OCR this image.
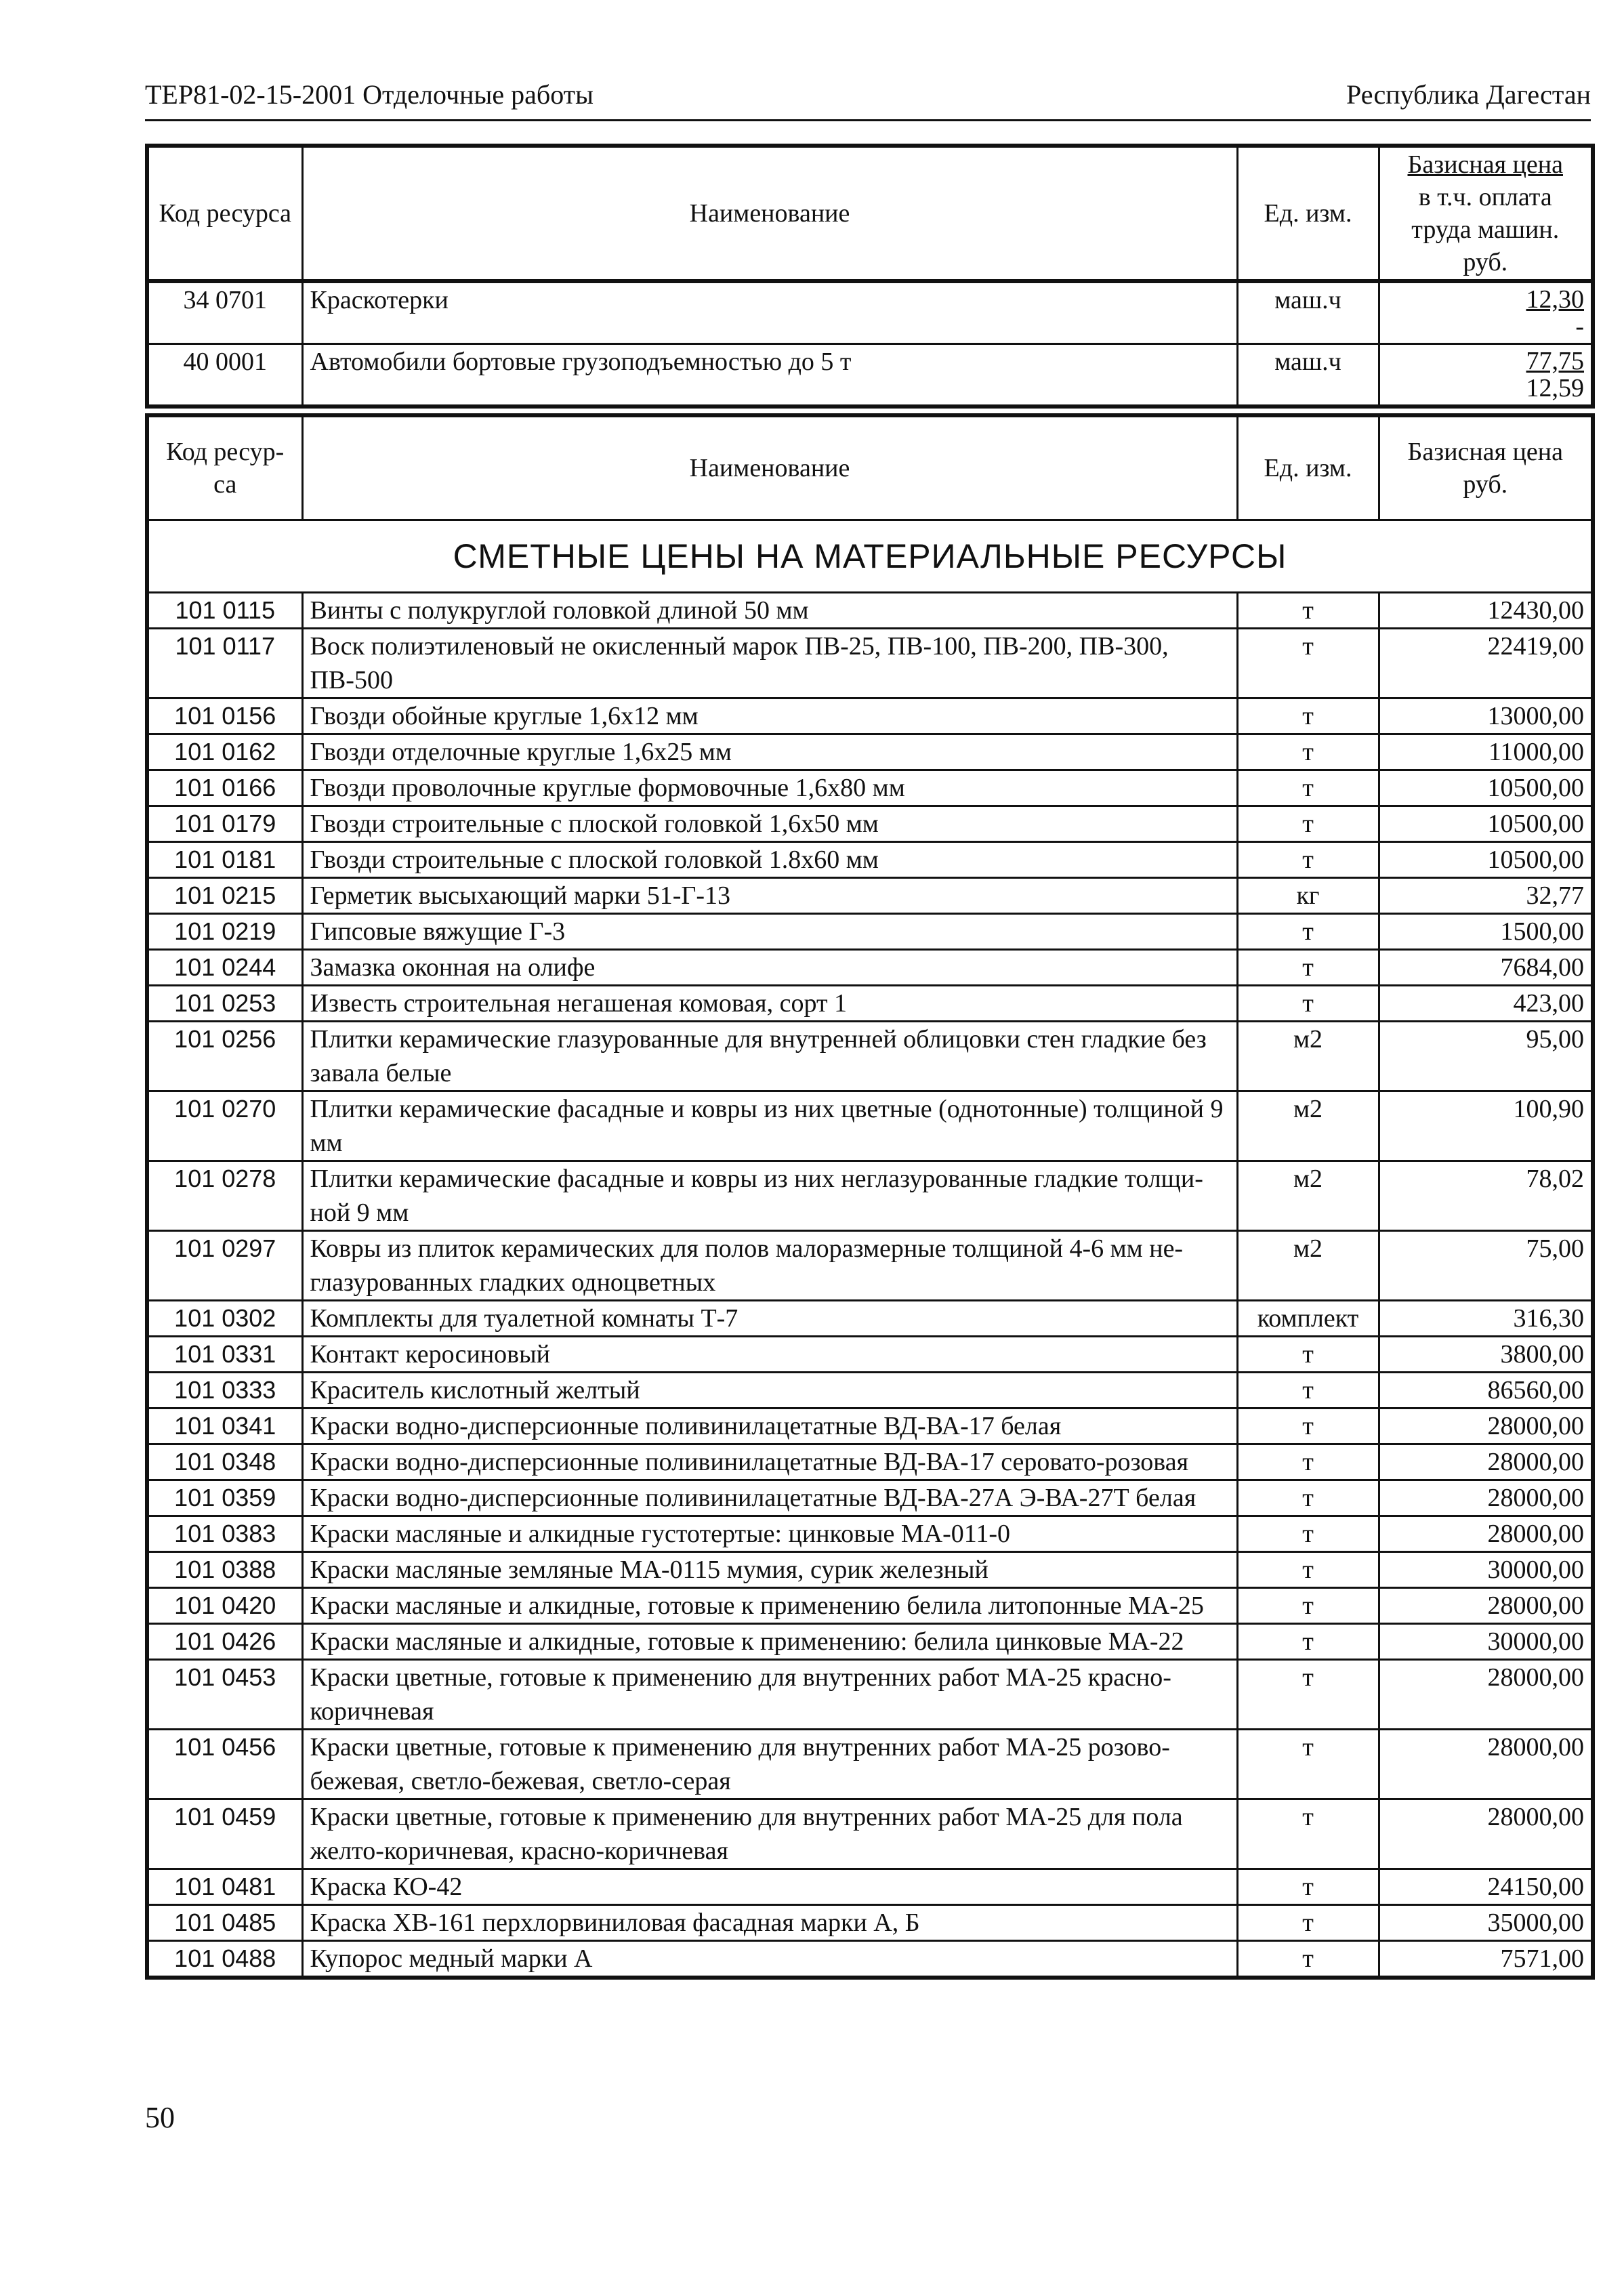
ТЕР81-02-15-2001 Отделочные работы	Республика Дагестан
Код ресурса	Наименование	Ед. изм.	Базисная цена
в т.ч. оплата
труда машин.
руб.

34 0701	Краскотерки	маш.ч	12,30
-

40 0001	Автомобили бортовые грузоподъемностью до 5 т	маш.ч	77,75
12,59
Код ресур-са	Наименование	Ед. изм.	Базисная цена руб.
СМЕТНЫЕ ЦЕНЫ НА МАТЕРИАЛЬНЫЕ РЕСУРСЫ			
101 0115	Винты с полукруглой головкой длиной 50 мм	т	12430,00
101 0117	Воск полиэтиленовый не окисленный марок ПВ-25, ПВ-100, ПВ-200, ПВ-300, ПВ-500	т	22419,00
101 0156	Гвозди обойные круглые 1,6х12 мм	т	13000,00
101 0162	Гвозди отделочные круглые 1,6х25 мм	т	11000,00
101 0166	Гвозди проволочные круглые формовочные 1,6х80 мм	т	10500,00
101 0179	Гвозди строительные с плоской головкой 1,6х50 мм	т	10500,00
101 0181	Гвозди строительные с плоской головкой 1.8х60 мм	т	10500,00
101 0215	Герметик высыхающий марки 51-Г-13	кг	32,77
101 0219	Гипсовые вяжущие Г-3	т	1500,00
101 0244	Замазка оконная на олифе	т	7684,00
101 0253	Известь строительная негашеная комовая, сорт 1	т	423,00
101 0256	Плитки керамические глазурованные для внутренней облицовки стен гладкие без завала белые	м2	95,00
101 0270	Плитки керамические фасадные и ковры из них цветные (однотонные) толщиной 9 мм	м2	100,90
101 0278	Плитки керамические фасадные и ковры из них неглазурованные гладкие толщи-ной 9 мм	м2	78,02
101 0297	Ковры из плиток керамических для полов малоразмерные толщиной 4-6 мм не-глазурованных гладких одноцветных	м2	75,00
101 0302	Комплекты для туалетной комнаты Т-7	комплект	316,30
101 0331	Контакт керосиновый	т	3800,00
101 0333	Краситель кислотный желтый	т	86560,00
101 0341	Краски водно-дисперсионные поливинилацетатные ВД-ВА-17 белая	т	28000,00
101 0348	Краски водно-дисперсионные поливинилацетатные ВД-ВА-17 серовато-розовая	т	28000,00
101 0359	Краски водно-дисперсионные поливинилацетатные ВД-ВА-27А Э-ВА-27Т белая	т	28000,00
101 0383	Краски масляные и алкидные густотертые: цинковые МА-011-0	т	28000,00
101 0388	Краски масляные земляные МА-0115 мумия, сурик железный	т	30000,00
101 0420	Краски масляные и алкидные, готовые к применению белила литопонные МА-25	т	28000,00
101 0426	Краски масляные и алкидные, готовые к применению: белила цинковые МА-22	т	30000,00
101 0453	Краски цветные, готовые к применению для внутренних работ МА-25 красно-коричневая	т	28000,00
101 0456	Краски цветные, готовые к применению для внутренних работ МА-25 розово-бежевая, светло-бежевая, светло-серая	т	28000,00
101 0459	Краски цветные, готовые к применению для внутренних работ МА-25 для пола желто-коричневая, красно-коричневая	т	28000,00
101 0481	Краска КО-42	т	24150,00
101 0485	Краска ХВ-161 перхлорвиниловая фасадная марки А, Б	т	35000,00
101 0488	Купорос медный марки А	т	7571,00
50
